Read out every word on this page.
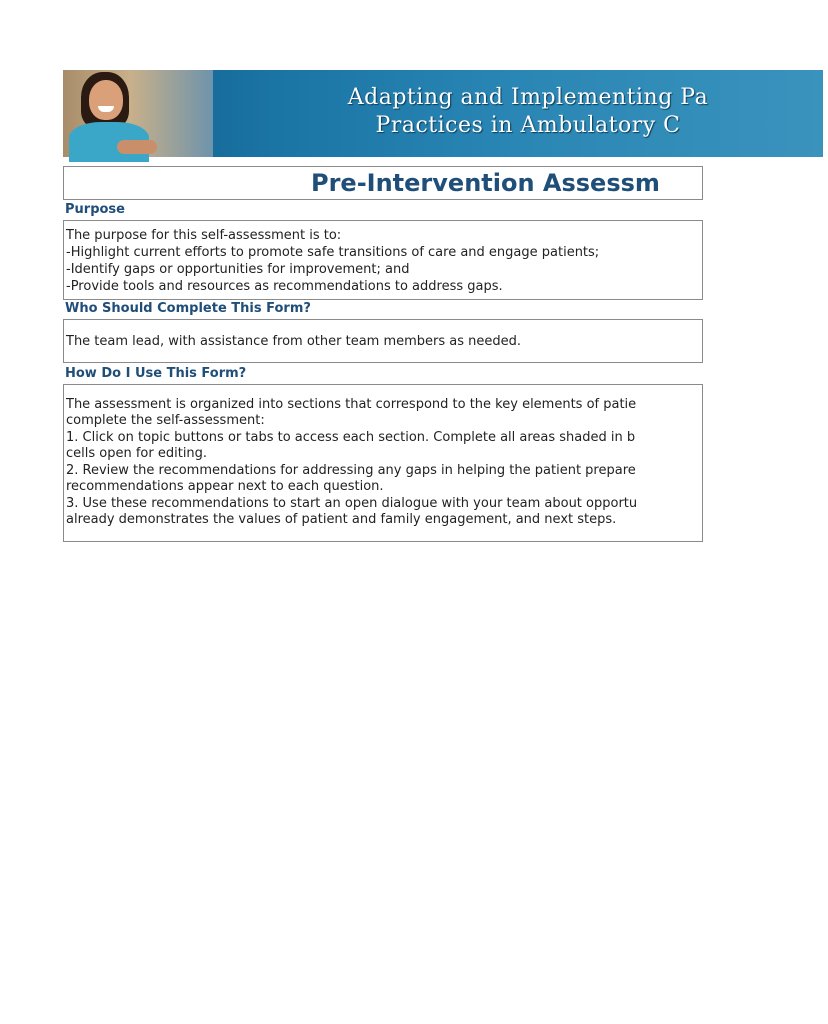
Adapting and Implementing Pa
Practices in Ambulatory C
Pre-Intervention Assessm
Purpose
The purpose for this self-assessment is to:
-Highlight current efforts to promote safe transitions of care and engage patients;
-Identify gaps or opportunities for improvement; and
-Provide tools and resources as recommendations to address gaps.
Who Should Complete This Form?
The team lead, with assistance from other team members as needed.
How Do I Use This Form?
The assessment is organized into sections that correspond to the key elements of patie
complete the self-assessment:
1. Click on topic buttons or tabs to access each section. Complete all areas shaded in b
cells open for editing.
2. Review the recommendations for addressing any gaps in helping the patient prepare
recommendations appear next to each question.
3. Use these recommendations to start an open dialogue with your team about opportu
already demonstrates the values of patient and family engagement, and next steps.
